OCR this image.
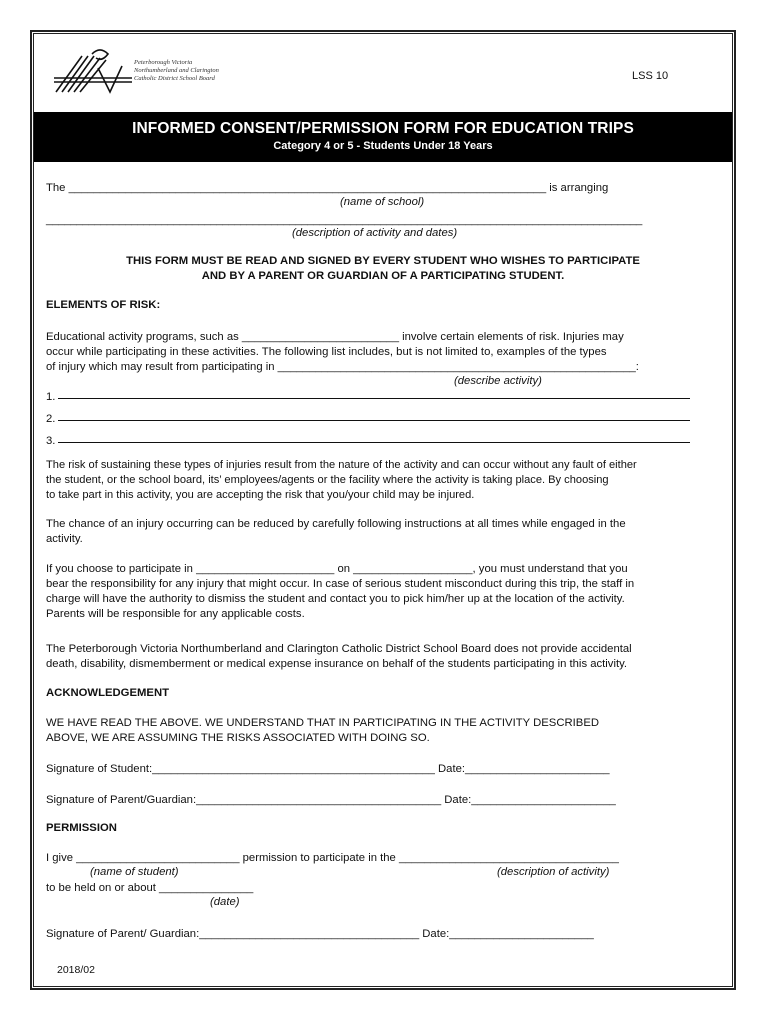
Peterborough Victoria
Northumberland and Clarington
Catholic District School Board	LSS 10
INFORMED CONSENT/PERMISSION FORM FOR EDUCATION TRIPS
Category 4 or 5 - Students Under 18 Years
The ____________________________________________________________________________ is arranging
(name of school)
__________________________________________________________________________________________________
(description of activity and dates)
THIS FORM MUST BE READ AND SIGNED BY EVERY STUDENT WHO WISHES TO PARTICIPATE
AND BY A PARENT OR GUARDIAN OF A PARTICIPATING STUDENT.
ELEMENTS OF RISK:
Educational activity programs, such as _________________________ involve certain elements of risk. Injuries may
occur while participating in these activities. The following list includes, but is not limited to, examples of the types
of injury which may result from participating in _________________________________________________________:
(describe activity)
1.
2.
3.
The risk of sustaining these types of injuries result from the nature of the activity and can occur without any fault of either
the student, or the school board, its’ employees/agents or the facility where the activity is taking place. By choosing
to take part in this activity, you are accepting the risk that you/your child may be injured.
The chance of an injury occurring can be reduced by carefully following instructions at all times while engaged in the
activity.
If you choose to participate in ______________________ on ___________________, you must understand that you
bear the responsibility for any injury that might occur. In case of serious student misconduct during this trip, the staff in
charge will have the authority to dismiss the student and contact you to pick him/her up at the location of the activity.
Parents will be responsible for any applicable costs.
The Peterborough Victoria Northumberland and Clarington Catholic District School Board does not provide accidental
death, disability, dismemberment or medical expense insurance on behalf of the students participating in this activity.
ACKNOWLEDGEMENT
WE HAVE READ THE ABOVE. WE UNDERSTAND THAT IN PARTICIPATING IN THE ACTIVITY DESCRIBED
ABOVE, WE ARE ASSUMING THE RISKS ASSOCIATED WITH DOING SO.
Signature of Student:_____________________________________________ Date:_______________________
Signature of Parent/Guardian:_______________________________________ Date:_______________________
PERMISSION
I give __________________________ permission to participate in the ___________________________________
(name of student)	(description of activity)
to be held on or about _______________
(date)
Signature of Parent/ Guardian:___________________________________ Date:_______________________
2018/02
